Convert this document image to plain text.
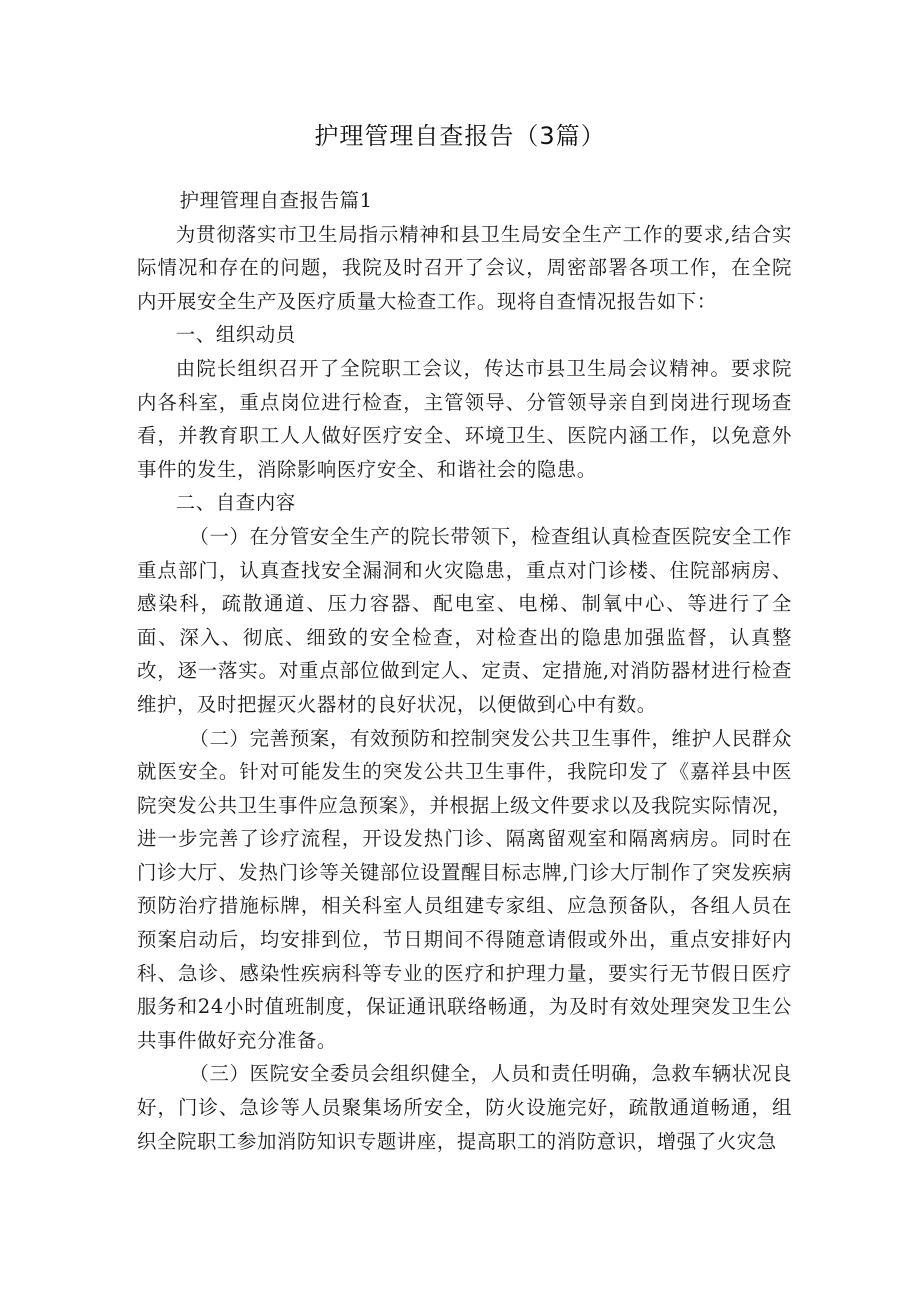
护理管理自查报告（3篇）

护理管理自查报告篇1

为贯彻落实市卫生局指示精神和县卫生局安全生产工作的要求,结合实际情况和存在的问题，我院及时召开了会议，周密部署各项工作，在全院内开展安全生产及医疗质量大检查工作。现将自查情况报告如下：

一、组织动员

由院长组织召开了全院职工会议，传达市县卫生局会议精神。要求院内各科室，重点岗位进行检查，主管领导、分管领导亲自到岗进行现场查看，并教育职工人人做好医疗安全、环境卫生、医院内涵工作，以免意外事件的发生，消除影响医疗安全、和谐社会的隐患。

二、自查内容

（一）在分管安全生产的院长带领下，检查组认真检查医院安全工作重点部门，认真查找安全漏洞和火灾隐患，重点对门诊楼、住院部病房、感染科，疏散通道、压力容器、配电室、电梯、制氧中心、等进行了全面、深入、彻底、细致的安全检查，对检查出的隐患加强监督，认真整改，逐一落实。对重点部位做到定人、定责、定措施,对消防器材进行检查维护，及时把握灭火器材的良好状况，以便做到心中有数。

（二）完善预案，有效预防和控制突发公共卫生事件，维护人民群众就医安全。针对可能发生的突发公共卫生事件，我院印发了《嘉祥县中医院突发公共卫生事件应急预案》，并根据上级文件要求以及我院实际情况，进一步完善了诊疗流程，开设发热门诊、隔离留观室和隔离病房。同时在门诊大厅、发热门诊等关键部位设置醒目标志牌,门诊大厅制作了突发疾病预防治疗措施标牌，相关科室人员组建专家组、应急预备队，各组人员在预案启动后，均安排到位，节日期间不得随意请假或外出，重点安排好内科、急诊、感染性疾病科等专业的医疗和护理力量，要实行无节假日医疗服务和24小时值班制度，保证通讯联络畅通，为及时有效处理突发卫生公共事件做好充分准备。

（三）医院安全委员会组织健全，人员和责任明确，急救车辆状况良好，门诊、急诊等人员聚集场所安全，防火设施完好，疏散通道畅通，组织全院职工参加消防知识专题讲座，提高职工的消防意识，增强了火灾急
